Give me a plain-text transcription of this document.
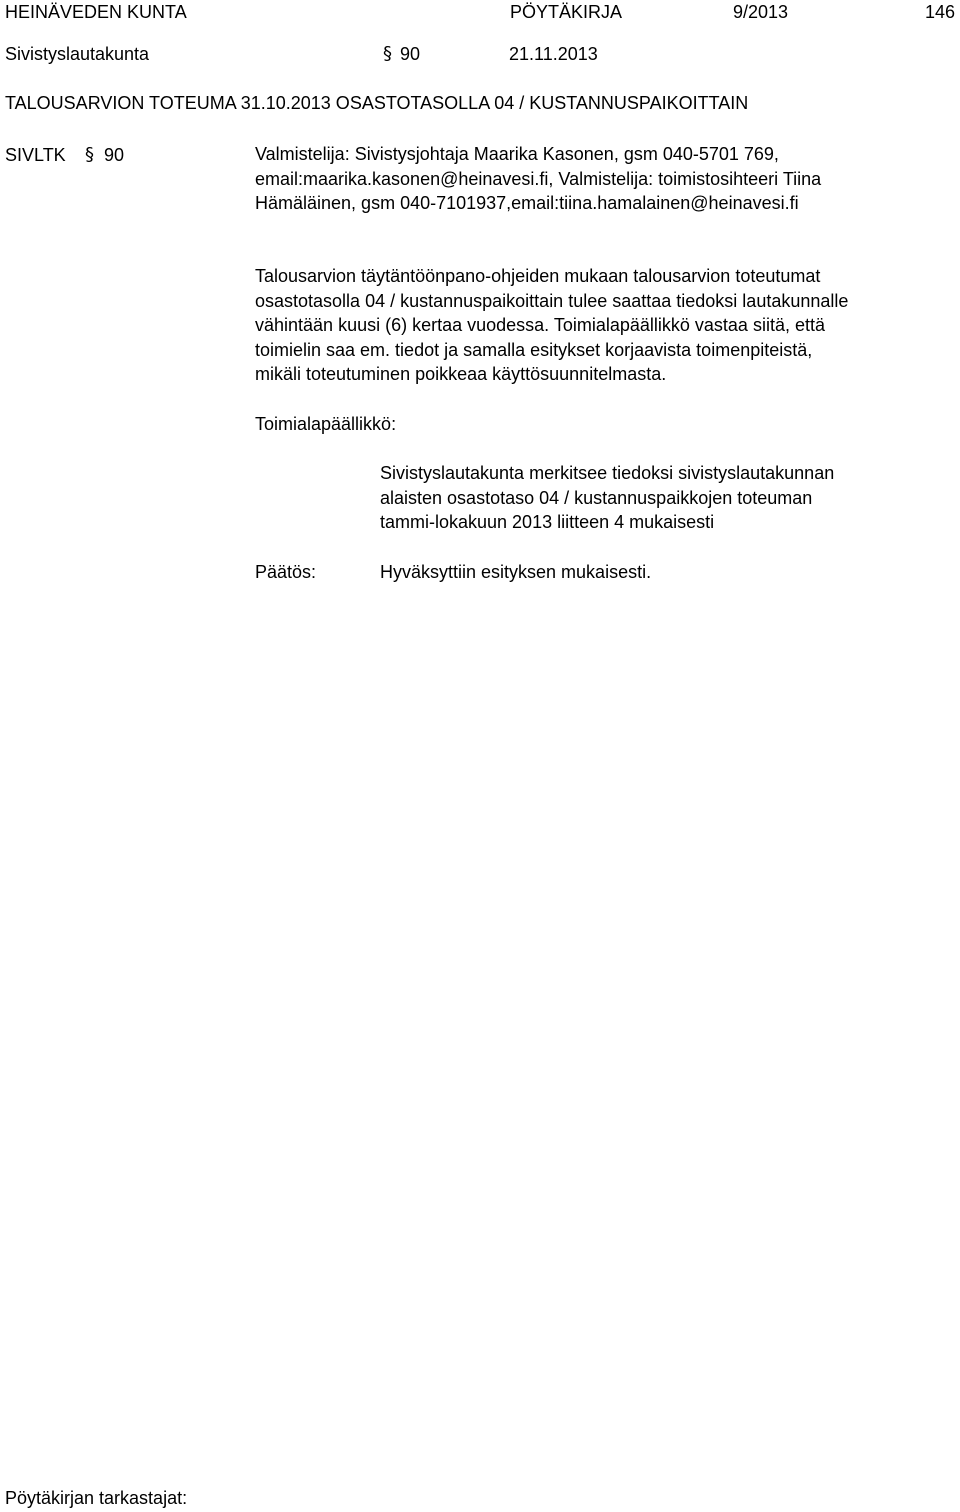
HEINÄVEDEN KUNTA	PÖYTÄKIRJA	9/2013	146
Sivistyslautakunta	§ 90	21.11.2013
TALOUSARVION TOTEUMA 31.10.2013 OSASTOTASOLLA 04 / KUSTANNUSPAIKOITTAIN
SIVLTK § 90	Valmistelija: Sivistysjohtaja Maarika Kasonen, gsm 040-5701 769,
email:maarika.kasonen@heinavesi.fi, Valmistelija: toimistosihteeri Tiina
Hämäläinen, gsm 040-7101937,email:tiina.hamalainen@heinavesi.fi
Talousarvion täytäntöönpano-ohjeiden mukaan talousarvion toteutumat
osastotasolla 04 / kustannuspaikoittain tulee saattaa tiedoksi lautakunnalle
vähintään kuusi (6) kertaa vuodessa. Toimialapäällikkö vastaa siitä, että
toimielin saa em. tiedot ja samalla esitykset korjaavista toimenpiteistä,
mikäli toteutuminen poikkeaa käyttösuunnitelmasta.
Toimialapäällikkö:
Sivistyslautakunta merkitsee tiedoksi sivistyslautakunnan
alaisten osastotaso 04 / kustannuspaikkojen toteuman
tammi-lokakuun 2013 liitteen 4 mukaisesti
Päätös:	Hyväksyttiin esityksen mukaisesti.
Pöytäkirjan tarkastajat:
